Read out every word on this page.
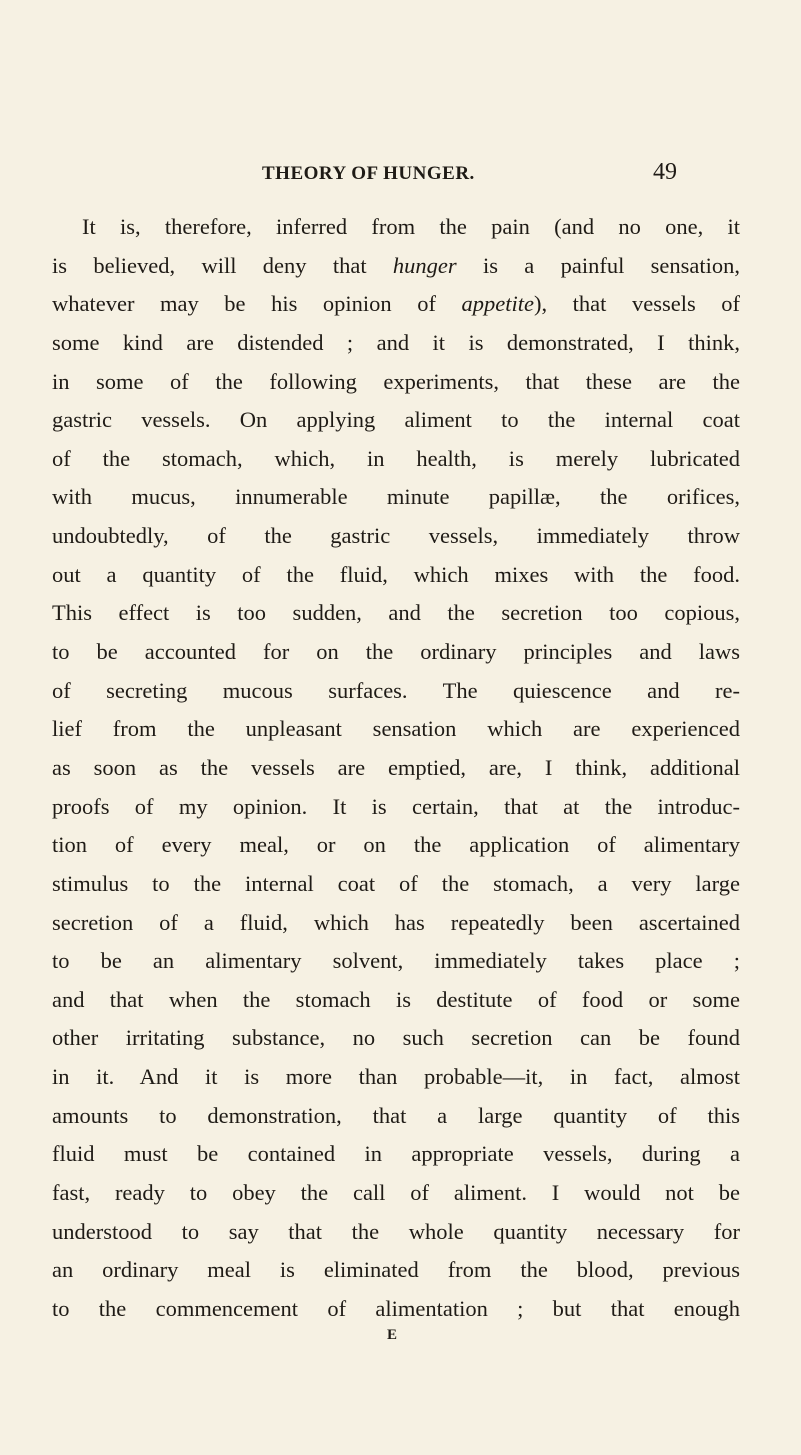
THEORY OF HUNGER.	49
It is, therefore, inferred from the pain (and no one, it
is believed, will deny that hunger is a painful sensation,
whatever may be his opinion of appetite), that vessels of
some kind are distended ; and it is demonstrated, I think,
in some of the following experiments, that these are the
gastric vessels. On applying aliment to the internal coat
of the stomach, which, in health, is merely lubricated
with mucus, innumerable minute papillæ, the orifices,
undoubtedly, of the gastric vessels, immediately throw
out a quantity of the fluid, which mixes with the food.
This effect is too sudden, and the secretion too copious,
to be accounted for on the ordinary principles and laws
of secreting mucous surfaces. The quiescence and re-
lief from the unpleasant sensation which are experienced
as soon as the vessels are emptied, are, I think, additional
proofs of my opinion. It is certain, that at the introduc-
tion of every meal, or on the application of alimentary
stimulus to the internal coat of the stomach, a very large
secretion of a fluid, which has repeatedly been ascertained
to be an alimentary solvent, immediately takes place ;
and that when the stomach is destitute of food or some
other irritating substance, no such secretion can be found
in it. And it is more than probable—it, in fact, almost
amounts to demonstration, that a large quantity of this
fluid must be contained in appropriate vessels, during a
fast, ready to obey the call of aliment. I would not be
understood to say that the whole quantity necessary for
an ordinary meal is eliminated from the blood, previous
to the commencement of alimentation ; but that enough
E
